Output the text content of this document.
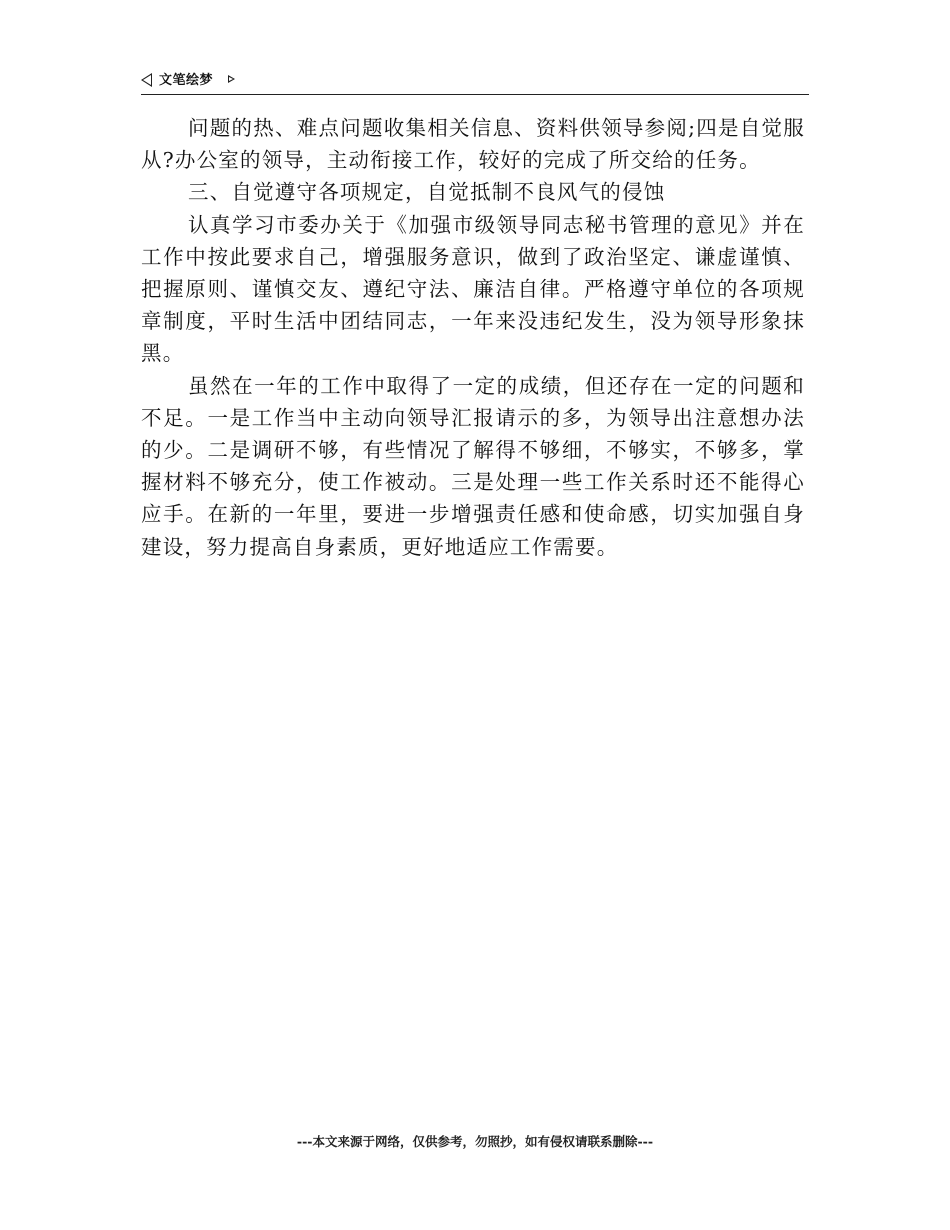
文笔绘梦

问题的热、难点问题收集相关信息、资料供领导参阅;四是自觉服从?办公室的领导，主动衔接工作，较好的完成了所交给的任务。

三、自觉遵守各项规定，自觉抵制不良风气的侵蚀

认真学习市委办关于《加强市级领导同志秘书管理的意见》并在工作中按此要求自己，增强服务意识，做到了政治坚定、谦虚谨慎、把握原则、谨慎交友、遵纪守法、廉洁自律。严格遵守单位的各项规章制度，平时生活中团结同志，一年来没违纪发生，没为领导形象抹黑。

虽然在一年的工作中取得了一定的成绩，但还存在一定的问题和不足。一是工作当中主动向领导汇报请示的多，为领导出注意想办法的少。二是调研不够，有些情况了解得不够细，不够实，不够多，掌握材料不够充分，使工作被动。三是处理一些工作关系时还不能得心应手。在新的一年里，要进一步增强责任感和使命感，切实加强自身建设，努力提高自身素质，更好地适应工作需要。

---本文来源于网络，仅供参考，勿照抄，如有侵权请联系删除---
